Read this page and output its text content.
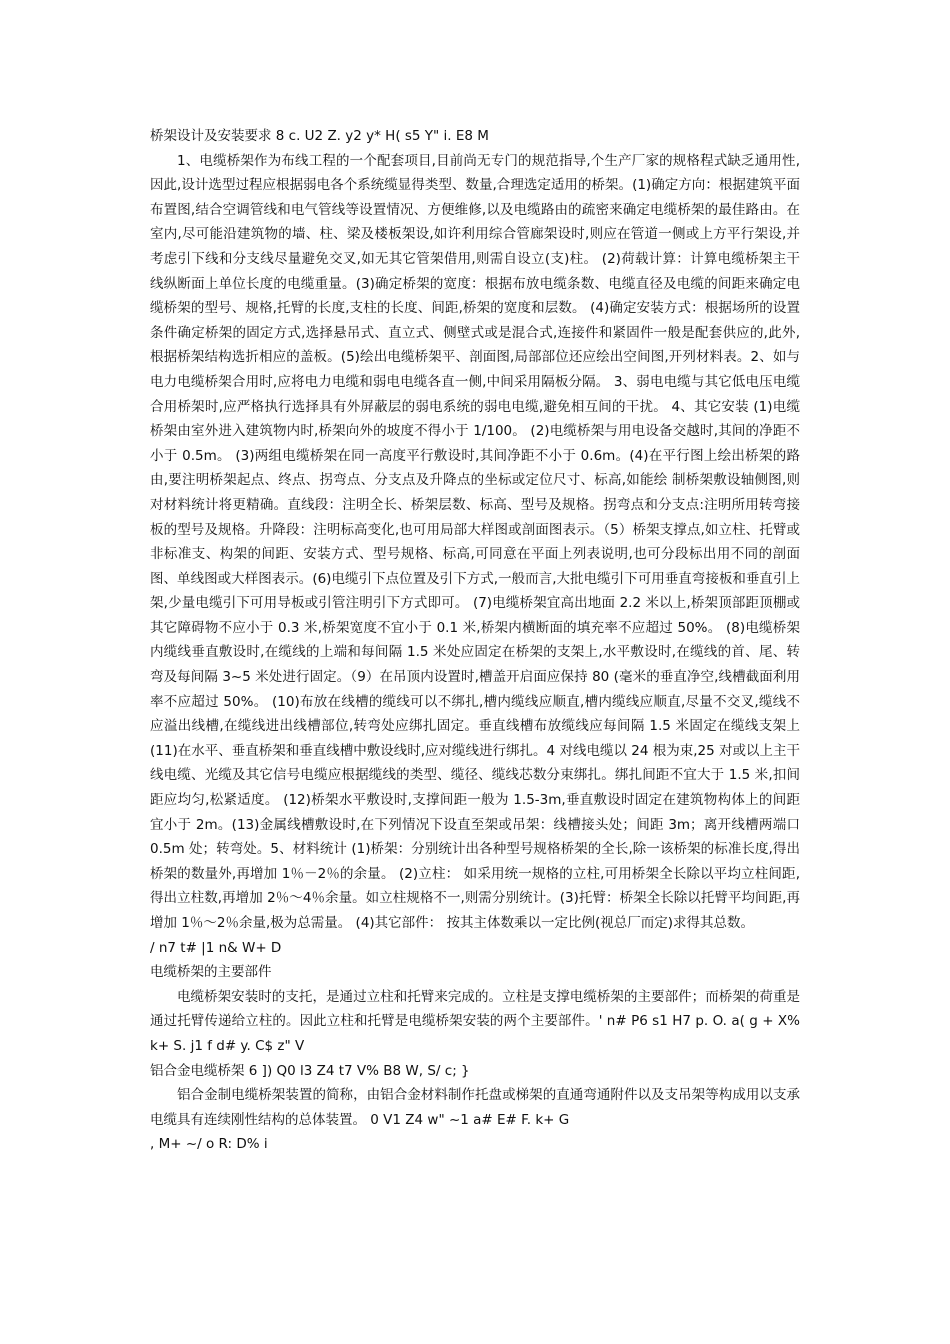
桥架设计及安装要求 8 c. U2 Z. y2 y* H( s5 Y" i. E8 M

1、电缆桥架作为布线工程的一个配套项目,目前尚无专门的规范指导,个生产厂家的规格程式缺乏通用性,因此,设计选型过程应根据弱电各个系统缆显得类型、数量,合理选定适用的桥架。(1)确定方向：根据建筑平面布置图,结合空调管线和电气管线等设置情况、方便维修,以及电缆路由的疏密来确定电缆桥架的最佳路由。在室内,尽可能沿建筑物的墙、柱、梁及楼板架设,如许利用综合管廊架设时,则应在管道一侧或上方平行架设,并考虑引下线和分支线尽量避免交叉,如无其它管架借用,则需自设立(支)柱。 (2)荷载计算：计算电缆桥架主干线纵断面上单位长度的电缆重量。(3)确定桥架的宽度：根据布放电缆条数、电缆直径及电缆的间距来确定电缆桥架的型号、规格,托臂的长度,支柱的长度、间距,桥架的宽度和层数。 (4)确定安装方式：根据场所的设置条件确定桥架的固定方式,选择悬吊式、直立式、侧壁式或是混合式,连接件和紧固件一般是配套供应的,此外,根据桥架结构选折相应的盖板。(5)绘出电缆桥架平、剖面图,局部部位还应绘出空间图,开列材料表。2、如与电力电缆桥架合用时,应将电力电缆和弱电电缆各直一侧,中间采用隔板分隔。 3、弱电电缆与其它低电压电缆合用桥架时,应严格执行选择具有外屏蔽层的弱电系统的弱电电缆,避免相互间的干扰。 4、其它安装 (1)电缆桥架由室外进入建筑物内时,桥架向外的坡度不得小于 1/100。 (2)电缆桥架与用电设备交越时,其间的净距不小于 0.5m。 (3)两组电缆桥架在同一高度平行敷设时,其间净距不小于 0.6m。(4)在平行图上绘出桥架的路由,要注明桥架起点、终点、拐弯点、分支点及升降点的坐标或定位尺寸、标高,如能绘 制桥架敷设轴侧图,则对材料统计将更精确。直线段：注明全长、桥架层数、标高、型号及规格。拐弯点和分支点:注明所用转弯接板的型号及规格。升降段：注明标高变化,也可用局部大样图或剖面图表示。（5）桥架支撑点,如立柱、托臂或非标准支、构架的间距、安装方式、型号规格、标高,可同意在平面上列表说明,也可分段标出用不同的剖面图、单线图或大样图表示。(6)电缆引下点位置及引下方式,一般而言,大批电缆引下可用垂直弯接板和垂直引上架,少量电缆引下可用导板或引管注明引下方式即可。 (7)电缆桥架宜高出地面 2.2 米以上,桥架顶部距顶棚或其它障碍物不应小于 0.3 米,桥架宽度不宜小于 0.1 米,桥架内横断面的填充率不应超过 50%。 (8)电缆桥架内缆线垂直敷设时,在缆线的上端和每间隔 1.5 米处应固定在桥架的支架上,水平敷设时,在缆线的首、尾、转弯及每间隔 3~5 米处进行固定。（9）在吊顶内设置时,槽盖开启面应保持 80 (毫米的垂直净空,线槽截面利用率不应超过 50%。 (10)布放在线槽的缆线可以不绑扎,槽内缆线应顺直,槽内缆线应顺直,尽量不交叉,缆线不应溢出线槽,在缆线进出线槽部位,转弯处应绑扎固定。垂直线槽布放缆线应每间隔 1.5 米固定在缆线支架上 (11)在水平、垂直桥架和垂直线槽中敷设线时,应对缆线进行绑扎。4 对线电缆以 24 根为束,25 对或以上主干线电缆、光缆及其它信号电缆应根据缆线的类型、缆径、缆线芯数分束绑扎。绑扎间距不宜大于 1.5 米,扣间距应均匀,松紧适度。 (12)桥架水平敷设时,支撑间距一般为 1.5-3m,垂直敷设时固定在建筑物构体上的间距宜小于 2m。(13)金属线槽敷设时,在下列情况下设直至架或吊架：线槽接头处；间距 3m；离开线槽两端口 0.5m 处；转弯处。5、材料统计 (1)桥架：分别统计出各种型号规格桥架的全长,除一该桥架的标准长度,得出桥架的数量外,再增加 1％－2％的余量。 (2)立柱： 如采用统一规格的立柱,可用桥架全长除以平均立柱间距,得出立柱数,再增加 2％～4％余量。如立柱规格不一,则需分别统计。(3)托臂：桥架全长除以托臂平均间距,再增加 1％～2％余量,极为总需量。 (4)其它部件： 按其主体数乘以一定比例(视总厂而定)求得其总数。

/ n7 t# |1 n& W+ D

电缆桥架的主要部件

电缆桥架安装时的支托，是通过立柱和托臂来完成的。立柱是支撑电缆桥架的主要部件；而桥架的荷重是通过托臂传递给立柱的。因此立柱和托臂是电缆桥架安装的两个主要部件。' n# P6 s1 H7 p. O. a( g + X% k+ S. j1 f d# y. C$ z" V

铝合金电缆桥架 6 ]) Q0 l3 Z4 t7 V% B8 W, S/ c; }

铝合金制电缆桥架装置的简称，由铝合金材料制作托盘或梯架的直通弯通附件以及支吊架等构成用以支承电缆具有连续刚性结构的总体装置。 0 V1 Z4 w" ~1 a# E# F. k+ G

, M+ ~/ o R: D% i
